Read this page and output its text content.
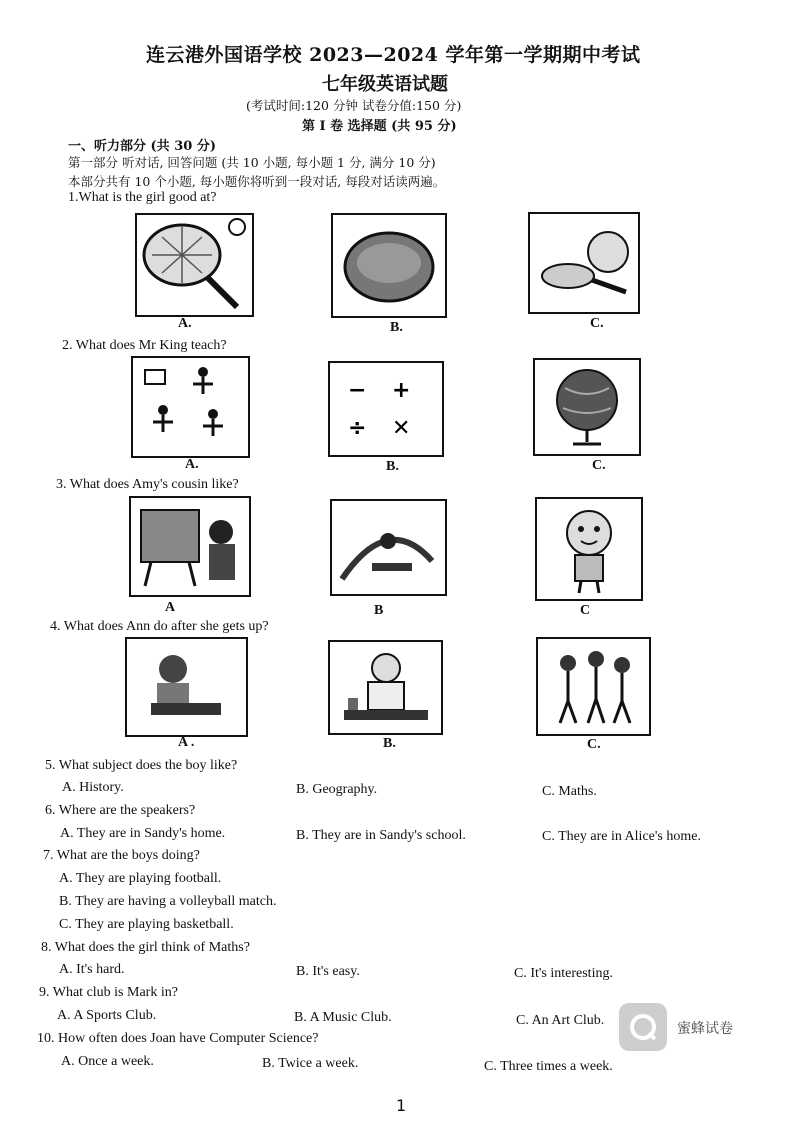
连云港外国语学校 2023—2024 学年第一学期期中考试
七年级英语试题
(考试时间:120 分钟 试卷分值:150 分)
第 I 卷 选择题 (共 95 分)
一、听力部分 (共 30 分)
第一部分 听对话, 回答问题 (共 10 小题, 每小题 1 分, 满分 10 分)
本部分共有 10 个小题, 每小题你将听到一段对话, 每段对话读两遍。
1.What is the girl good at?
A.	B.	C.
2. What does Mr King teach?
A.
− +
÷ ✕
B.	C.
3. What does Amy's cousin like?
A	B	C
4. What does Ann do after she gets up?
A .	B.	C.
5. What subject does the boy like?
A. History.	B. Geography.	C. Maths.
6. Where are the speakers?
A. They are in Sandy's home.	B. They are in Sandy's school.	C. They are in Alice's home.
7. What are the boys doing?
A. They are playing football.
B. They are having a volleyball match.
C. They are playing basketball.
8. What does the girl think of Maths?
A. It's hard.	B. It's easy.	C. It's interesting.
9. What club is Mark in?
A. A Sports Club.	B. A Music Club.	C. An Art Club.
10. How often does Joan have Computer Science?
A. Once a week.	B. Twice a week.	C. Three times a week.
蜜蜂试卷
1
